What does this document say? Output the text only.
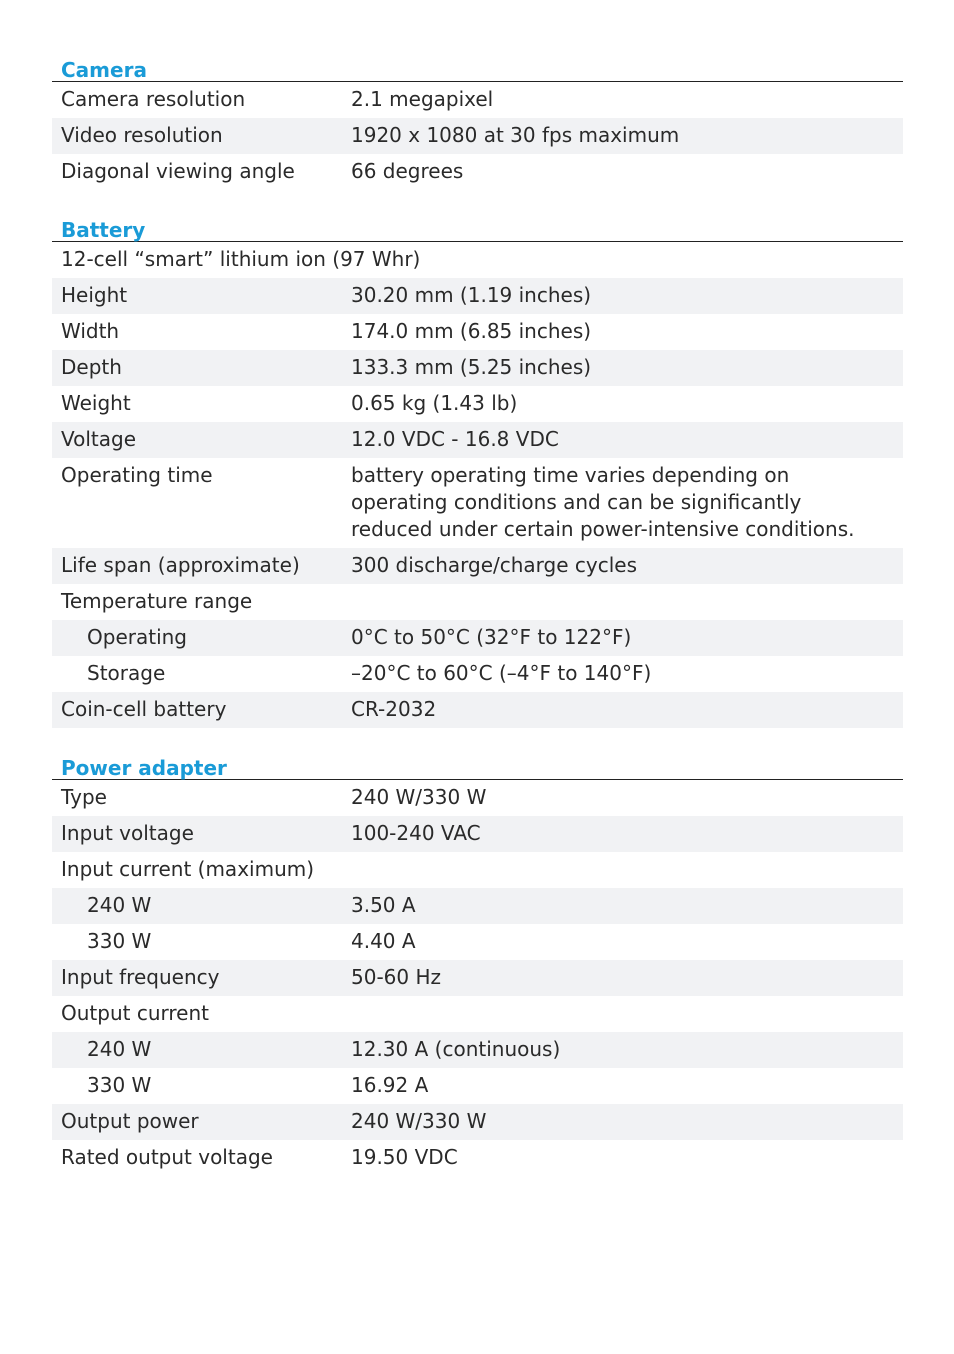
Camera
Camera resolution	2.1 megapixel
Video resolution	1920 x 1080 at 30 fps maximum
Diagonal viewing angle	66 degrees
Battery
12-cell “smart” lithium ion (97 Whr)	
Height	30.20 mm (1.19 inches)
Width	174.0 mm (6.85 inches)
Depth	133.3 mm (5.25 inches)
Weight	0.65 kg (1.43 lb)
Voltage	12.0 VDC - 16.8 VDC
Operating time	battery operating time varies depending on
operating conditions and can be significantly
reduced under certain power-intensive conditions.

Life span (approximate)	300 discharge/charge cycles
Temperature range	
Operating	0°C to 50°C (32°F to 122°F)
Storage	–20°C to 60°C (–4°F to 140°F)
Coin-cell battery	CR-2032
Power adapter
Type	240 W/330 W
Input voltage	100-240 VAC
Input current (maximum)	
240 W	3.50 A
330 W	4.40 A
Input frequency	50-60 Hz
Output current	
240 W	12.30 A (continuous)
330 W	16.92 A
Output power	240 W/330 W
Rated output voltage	19.50 VDC
